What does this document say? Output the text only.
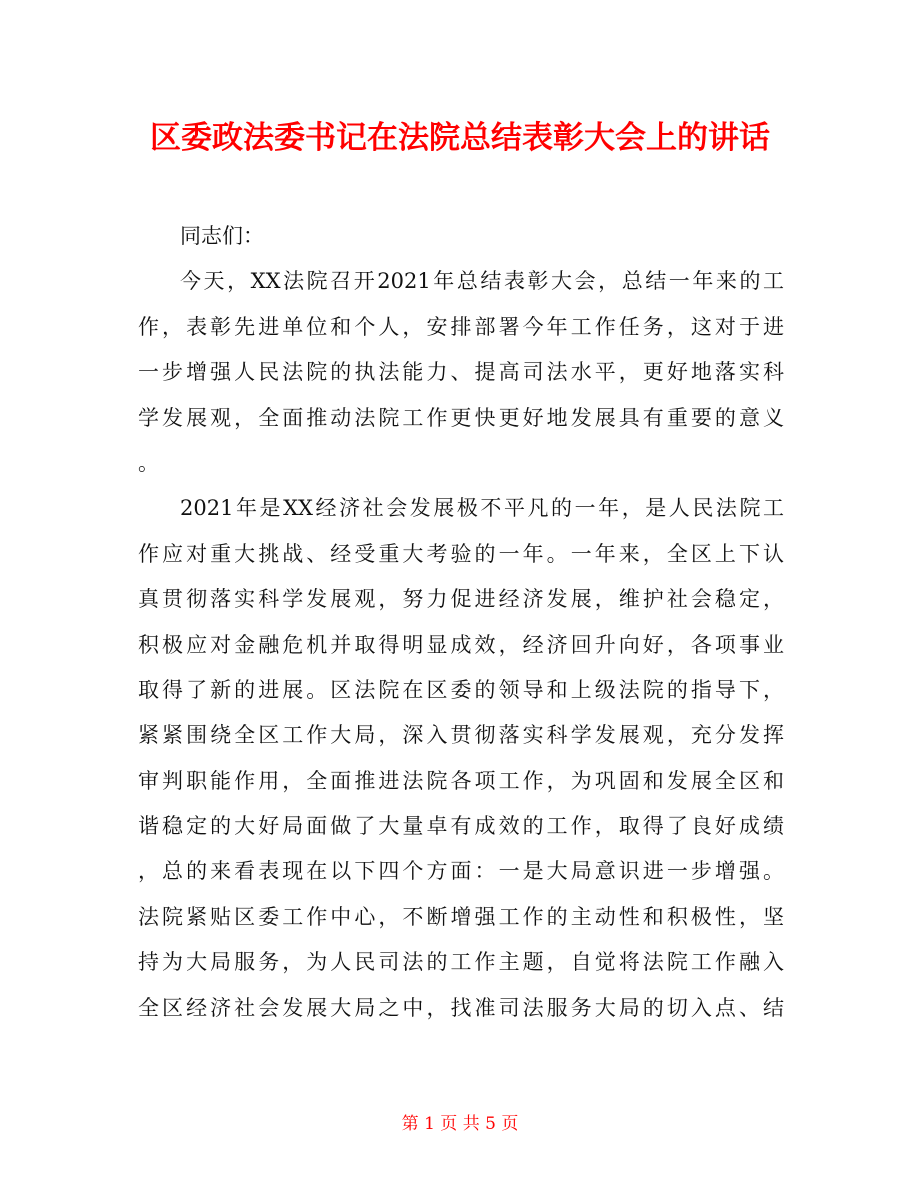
区委政法委书记在法院总结表彰大会上的讲话
同志们：
今天，XX法院召开2021年总结表彰大会，总结一年来的工
作，表彰先进单位和个人，安排部署今年工作任务，这对于进
一步增强人民法院的执法能力、提高司法水平，更好地落实科
学发展观，全面推动法院工作更快更好地发展具有重要的意义
。
2021年是XX经济社会发展极不平凡的一年，是人民法院工
作应对重大挑战、经受重大考验的一年。一年来，全区上下认
真贯彻落实科学发展观，努力促进经济发展，维护社会稳定，
积极应对金融危机并取得明显成效，经济回升向好，各项事业
取得了新的进展。区法院在区委的领导和上级法院的指导下，
紧紧围绕全区工作大局，深入贯彻落实科学发展观，充分发挥
审判职能作用，全面推进法院各项工作，为巩固和发展全区和
谐稳定的大好局面做了大量卓有成效的工作，取得了良好成绩
，总的来看表现在以下四个方面：一是大局意识进一步增强。
法院紧贴区委工作中心，不断增强工作的主动性和积极性，坚
持为大局服务，为人民司法的工作主题，自觉将法院工作融入
全区经济社会发展大局之中，找准司法服务大局的切入点、结
第 1 页 共 5 页
